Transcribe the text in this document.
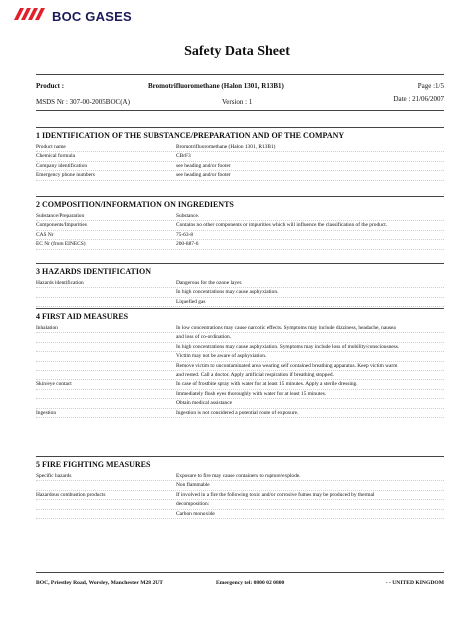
BOC GASES
Safety Data Sheet
Product :	Bromotrifluoromethane (Halon 1301, R13B1)	Page :1/5
MSDS Nr : 307-00-2005BOC(A)	Version : 1	Date : 21/06/2007
1 IDENTIFICATION OF THE SUBSTANCE/PREPARATION AND OF THE COMPANY
Product name	Bromotrifluoromethane (Halon 1301, R13B1)
Chemical formula	CBrF3
Company identification	see heading and/or footer
Emergency phone numbers	see heading and/or footer
2 COMPOSITION/INFORMATION ON INGREDIENTS
Substance/Preparation	Substance.
Components/Impurities	Contains no other components or impurities which will influence the classification of the product.
CAS Nr	75-63-8
EC Nr (from EINECS)	200-887-6
3 HAZARDS IDENTIFICATION
Hazards identification	Dangerous for the ozone layer.
In high concentrations may cause asphyxiation.
Liquefied gas
4 FIRST AID MEASURES
Inhalation	In low concentrations may cause narcotic effects. Symptoms may include dizziness, headache, nausea
and loss of co-ordination.
In high concentrations may cause asphyxiation. Symptoms may include loss of mobility/consciousness.
Victim may not be aware of asphyxiation.
Remove victim to uncontaminated area wearing self contained breathing apparatus. Keep victim warm
and rested. Call a doctor. Apply artificial respiration if breathing stopped.
Skin/eye contact	In case of frostbite spray with water for at least 15 minutes. Apply a sterile dressing.
Immediately flush eyes thoroughly with water for at least 15 minutes.
Obtain medical assistance
Ingestion	Ingestion is not considered a potential route of exposure.
5 FIRE FIGHTING MEASURES
Specific hazards	Exposure to fire may cause containers to rupture/explode.
Non flammable
Hazardous combustion products	If involved in a fire the following toxic and/or corrosive fumes may be produced by thermal
decomposition:
Carbon monoxide
BOC, Priestley Road, Worsley, Manchester M28 2UT	Emergency tel: 0800 02 0800	- - UNITED KINGDOM
